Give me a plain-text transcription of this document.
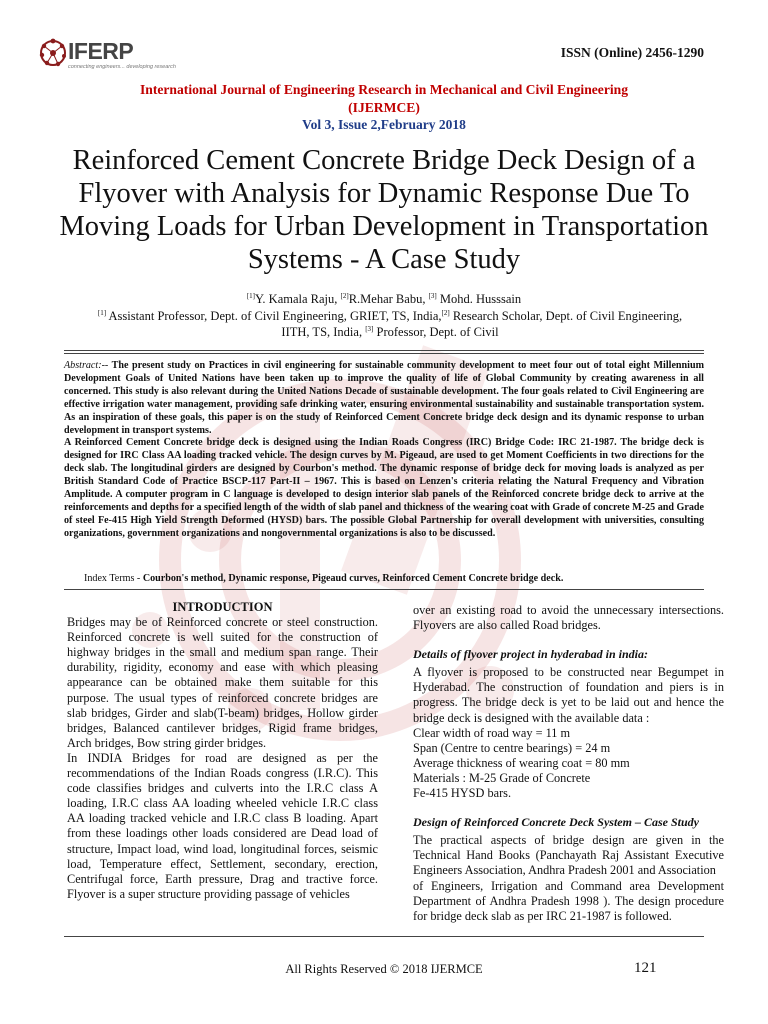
IFERP
connecting engineers... developing research
ISSN (Online) 2456-1290
International Journal of Engineering Research in Mechanical and Civil Engineering
(IJERMCE)
Vol 3, Issue 2,February 2018
Reinforced Cement Concrete Bridge Deck Design of a Flyover with Analysis for Dynamic Response Due To Moving Loads for Urban Development in Transportation Systems - A Case Study
[1]Y. Kamala Raju, [2]R.Mehar Babu, [3] Mohd. Husssain
[1] Assistant Professor, Dept. of Civil Engineering, GRIET, TS, India,[2] Research Scholar, Dept. of Civil Engineering, IITH, TS, India, [3] Professor, Dept. of Civil
Abstract:-- The present study on Practices in civil engineering for sustainable community development to meet four out of total eight Millennium Development Goals of United Nations have been taken up to improve the quality of life of Global Community by creating awareness in all concerned. This study is also relevant during the United Nations Decade of sustainable development. The four goals related to Civil Engineering are effective irrigation water management, providing safe drinking water, ensuring environmental sustainability and sustainable transportation system. As an inspiration of these goals, this paper is on the study of Reinforced Cement Concrete bridge deck design and its dynamic response to urban development in transport systems.
A Reinforced Cement Concrete bridge deck is designed using the Indian Roads Congress (IRC) Bridge Code: IRC 21-1987. The bridge deck is designed for IRC Class AA loading tracked vehicle. The design curves by M. Pigeaud, are used to get Moment Coefficients in two directions for the deck slab. The longitudinal girders are designed by Courbon's method. The dynamic response of bridge deck for moving loads is analyzed as per British Standard Code of Practice BSCP-117 Part-II – 1967. This is based on Lenzen's criteria relating the Natural Frequency and Vibration Amplitude. A computer program in C language is developed to design interior slab panels of the Reinforced concrete bridge deck to arrive at the reinforcements and depths for a specified length of the width of slab panel and thickness of the wearing coat with Grade of concrete M-25 and Grade of steel Fe-415 High Yield Strength Deformed (HYSD) bars. The possible Global Partnership for overall development with universities, consulting organizations, government organizations and nongovernmental organizations is also to be discussed.
Index Terms - Courbon's method, Dynamic response, Pigeaud curves, Reinforced Cement Concrete bridge deck.

INTRODUCTION

Bridges may be of Reinforced concrete or steel construction. Reinforced concrete is well suited for the construction of highway bridges in the small and medium span range. Their durability, rigidity, economy and ease with which pleasing appearance can be obtained make them suitable for this purpose. The usual types of reinforced concrete bridges are slab bridges, Girder and slab(T-beam) bridges, Hollow girder bridges, Balanced cantilever bridges, Rigid frame bridges, Arch bridges, Bow string girder bridges.

In INDIA Bridges for road are designed as per the recommendations of the Indian Roads congress (I.R.C). This code classifies bridges and culverts into the I.R.C class A loading, I.R.C class AA loading wheeled vehicle I.R.C class AA loading tracked vehicle and I.R.C class B loading. Apart from these loadings other loads considered are Dead load of structure, Impact load, wind load, longitudinal forces, seismic load, Temperature effect, Settlement, secondary, erection, Centrifugal force, Earth pressure, Drag and tractive force. Flyover is a super structure providing passage of vehicles

over an existing road to avoid the unnecessary intersections. Flyovers are also called Road bridges.

Details of flyover project in hyderabad in india:

A flyover is proposed to be constructed near Begumpet in Hyderabad. The construction of foundation and piers is in progress. The bridge deck is yet to be laid out and hence the bridge deck is designed with the available data :

Clear width of road way = 11 m

Span (Centre to centre bearings) = 24 m

Average thickness of wearing coat = 80 mm

Materials : M-25 Grade of Concrete

Fe-415 HYSD bars.

Design of Reinforced Concrete Deck System – Case Study

The practical aspects of bridge design are given in the Technical Hand Books (Panchayath Raj Assistant Executive Engineers Association, Andhra Pradesh 2001 and Association

of Engineers, Irrigation and Command area Development Department of Andhra Pradesh 1998 ). The design procedure for bridge deck slab as per IRC 21-1987 is followed.

All Rights Reserved © 2018 IJERMCE	121
